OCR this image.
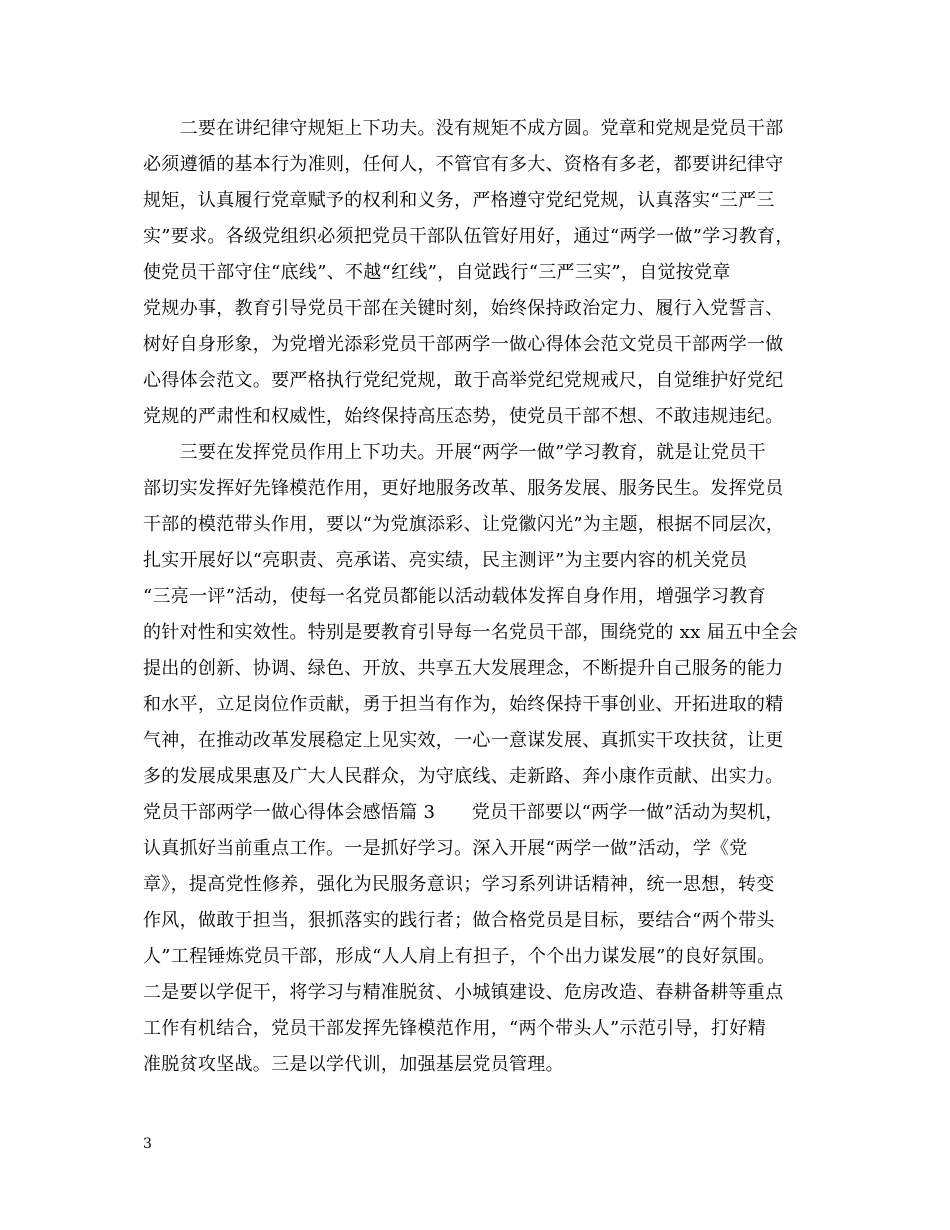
　　二要在讲纪律守规矩上下功夫。没有规矩不成方圆。党章和党规是党员干部
必须遵循的基本行为准则，任何人，不管官有多大、资格有多老，都要讲纪律守
规矩，认真履行党章赋予的权利和义务，严格遵守党纪党规，认真落实“三严三
实”要求。各级党组织必须把党员干部队伍管好用好，通过“两学一做”学习教育，
使党员干部守住“底线”、不越“红线”，自觉践行“三严三实”，自觉按党章
党规办事，教育引导党员干部在关键时刻，始终保持政治定力、履行入党誓言、
树好自身形象，为党增光添彩党员干部两学一做心得体会范文党员干部两学一做
心得体会范文。要严格执行党纪党规，敢于高举党纪党规戒尺，自觉维护好党纪
党规的严肃性和权威性，始终保持高压态势，使党员干部不想、不敢违规违纪。
　　三要在发挥党员作用上下功夫。开展“两学一做”学习教育，就是让党员干
部切实发挥好先锋模范作用，更好地服务改革、服务发展、服务民生。发挥党员
干部的模范带头作用，要以“为党旗添彩、让党徽闪光”为主题，根据不同层次，
扎实开展好以“亮职责、亮承诺、亮实绩，民主测评”为主要内容的机关党员
“三亮一评”活动，使每一名党员都能以活动载体发挥自身作用，增强学习教育
的针对性和实效性。特别是要教育引导每一名党员干部，围绕党的 xx 届五中全会
提出的创新、协调、绿色、开放、共享五大发展理念，不断提升自己服务的能力
和水平，立足岗位作贡献，勇于担当有作为，始终保持干事创业、开拓进取的精
气神，在推动改革发展稳定上见实效，一心一意谋发展、真抓实干攻扶贫，让更
多的发展成果惠及广大人民群众，为守底线、走新路、奔小康作贡献、出实力。
党员干部两学一做心得体会感悟篇 3　　党员干部要以“两学一做”活动为契机，
认真抓好当前重点工作。一是抓好学习。深入开展“两学一做”活动，学《党
章》，提高党性修养，强化为民服务意识；学习系列讲话精神，统一思想，转变
作风，做敢于担当，狠抓落实的践行者；做合格党员是目标，要结合“两个带头
人”工程锤炼党员干部，形成“人人肩上有担子，个个出力谋发展”的良好氛围。
二是要以学促干，将学习与精准脱贫、小城镇建设、危房改造、春耕备耕等重点
工作有机结合，党员干部发挥先锋模范作用，“两个带头人”示范引导，打好精
准脱贫攻坚战。三是以学代训，加强基层党员管理。
3
